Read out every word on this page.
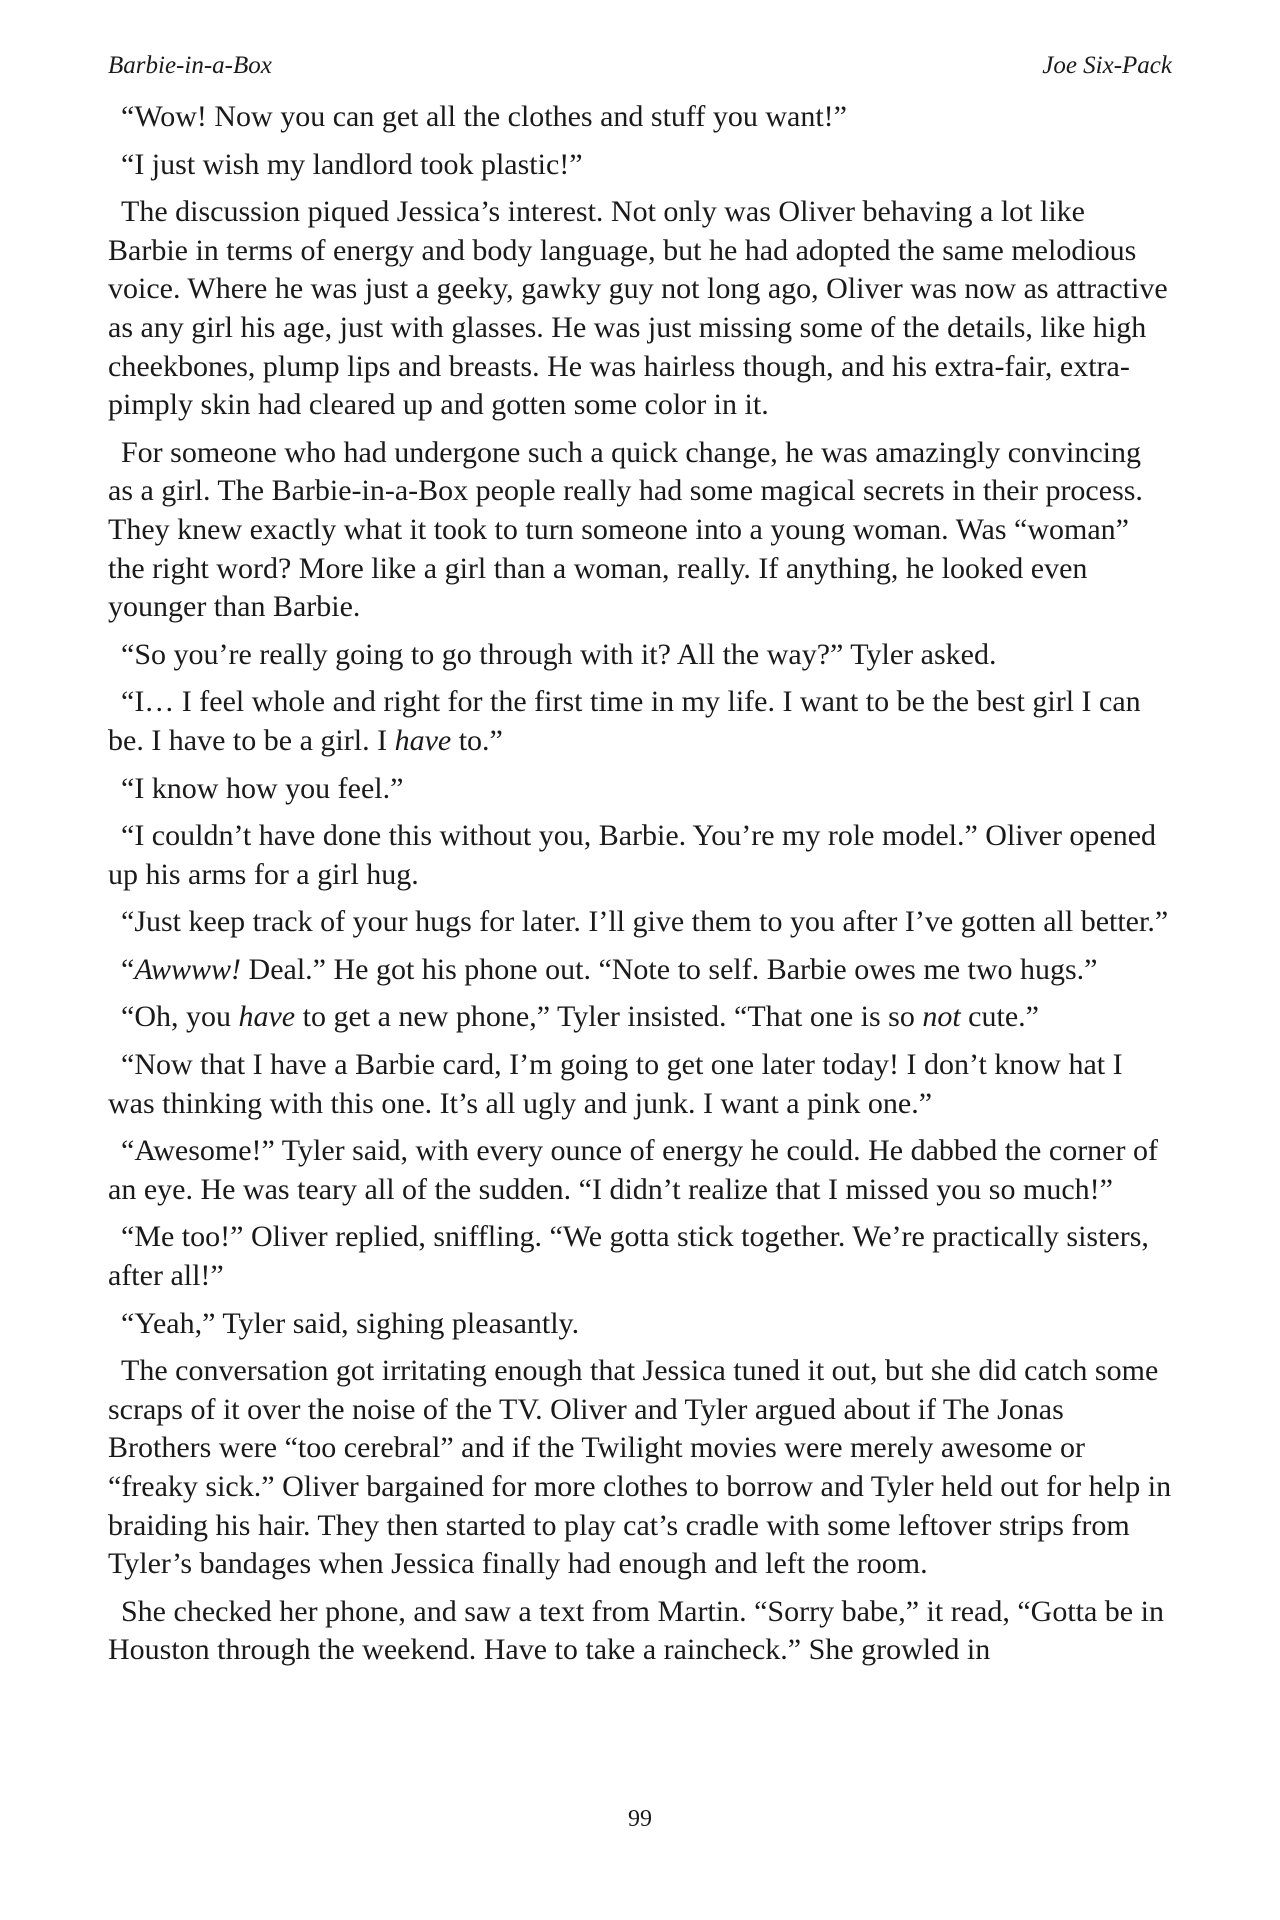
Barbie-in-a-Box	Joe Six-Pack

“Wow! Now you can get all the clothes and stuff you want!”

“I just wish my landlord took plastic!”

The discussion piqued Jessica’s interest. Not only was Oliver behaving a lot like Barbie in terms of energy and body language, but he had adopted the same melodious voice. Where he was just a geeky, gawky guy not long ago, Oliver was now as attractive as any girl his age, just with glasses. He was just missing some of the details, like high cheekbones, plump lips and breasts. He was hairless though, and his extra-fair, extra-pimply skin had cleared up and gotten some color in it.

For someone who had undergone such a quick change, he was amazingly convincing as a girl. The Barbie-in-a-Box people really had some magical secrets in their process. They knew exactly what it took to turn someone into a young woman. Was “woman” the right word? More like a girl than a woman, really. If anything, he looked even younger than Barbie.

“So you’re really going to go through with it? All the way?” Tyler asked.

“I… I feel whole and right for the first time in my life. I want to be the best girl I can be. I have to be a girl. I have to.”

“I know how you feel.”

“I couldn’t have done this without you, Barbie. You’re my role model.” Oliver opened up his arms for a girl hug.

“Just keep track of your hugs for later. I’ll give them to you after I’ve gotten all better.”

“Awwww! Deal.” He got his phone out. “Note to self. Barbie owes me two hugs.”

“Oh, you have to get a new phone,” Tyler insisted. “That one is so not cute.”

“Now that I have a Barbie card, I’m going to get one later today! I don’t know hat I was thinking with this one. It’s all ugly and junk. I want a pink one.”

“Awesome!” Tyler said, with every ounce of energy he could. He dabbed the corner of an eye. He was teary all of the sudden. “I didn’t realize that I missed you so much!”

“Me too!” Oliver replied, sniffling. “We gotta stick together. We’re practically sisters, after all!”

“Yeah,” Tyler said, sighing pleasantly.

The conversation got irritating enough that Jessica tuned it out, but she did catch some scraps of it over the noise of the TV. Oliver and Tyler argued about if The Jonas Brothers were “too cerebral” and if the Twilight movies were merely awesome or “freaky sick.” Oliver bargained for more clothes to borrow and Tyler held out for help in braiding his hair. They then started to play cat’s cradle with some leftover strips from Tyler’s bandages when Jessica finally had enough and left the room.

She checked her phone, and saw a text from Martin. “Sorry babe,” it read, “Gotta be in Houston through the weekend. Have to take a raincheck.” She growled in

99
